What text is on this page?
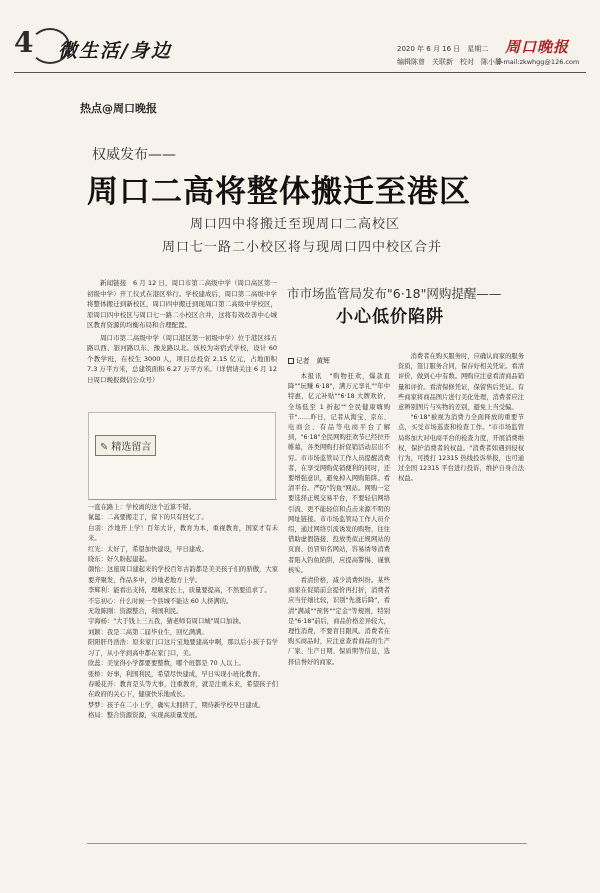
4	微生活/身边	2020 年 6 月 16 日　星期二
编辑陈曾　关联新　校对　陈小静
周口晚报
E-mail:zkwhgg@126.com
热点@周口晚报
权威发布——
周口二高将整体搬迁至港区
周口四中将搬迁至现周口二高校区
周口七一路二小校区将与现周口四中校区合并

新闻链接　6 月 12 日，周口市第二高级中学（周口高区第一初级中学）开工仪式在港区举行。学校建成后，周口第二高级中学将整体搬迁到新校区，周口四中搬迁到现周口第二高级中学校区，原周口四中校区与周口七一路二小校区合并，这将有效改善中心城区教育资源的均衡布局和合理配置。

周口市第二高级中学（周口港区第一初级中学）位于港区纬五路以西、银河路以东、豫龙路以北。该校为寄宿式学校，设计 60 个教学班，在校生 3000 人，项目总投资 2.15 亿元，占地面积 7.3 万平方米，总建筑面积 6.27 万平方米。（详情请关注 6 月 12 日周口晚报微信公众号）

✎ 精选留言

一直在路上：学校离的这个近算不错。

氤氲：二高要搬走了，留下的只有回忆了。

白羽：沙地开上学！百年大计，教育为本，重视教育，国家才有未来。

红光：太好了，希望加快建设，早日建成。

晓东：好久盼起建起。

颜怡：这座周口建起来的学校百年古韵都是美美孩子们的骄傲，大家要齐聚发，作品多中，沙地老地方上学。

李辉利：能看出支持，理顺家长上，质量要提高，不然要追求了。

不忘初心：什么时候一个县城不能达 60 人挤满的。

无敌陈刚：资源整合，利国利民。

宇海杨："大于钱上三五我，猜老师有周口城"周口加油。

刘颖：我是二高第二届毕业生，回忆满满。

阳阳肝丹浩浩：原来家门口这片宝地要建高中啊，那以后小孩子有学习了，从小学到高中都在家门口，美。

欣蕊：美觉得小学都要要整数，哪个班都是 70 人以上。

张桥：好事，利国利民，希望尽快建成，早日实现小班化教育。

春暖花开：教育是头等大事，注重教育，就是注重未来，希望孩子们在政府的关心下，健康快乐地成长。

梦梦：孩子在二小上学，确实太拥挤了，期待新学校早日建成。

格局：整合资源资源，实现高质量发展。

市市场监管局发布"6·18"网购提醒——
小心低价陷阱
记者　黄辉

本报讯　"购物狂欢，爆款直降""玩赚 6·18"，满万元享礼""年中特惠，亿元补贴""6·18 大牌欢价，全场低至 1 折起""全民健康嗨购节"……昨日，记者从淘宝、京东、电商会、有品等电商平台了解到，"6·18"全民网购狂欢节已经拉开帷幕，各类网购打折促销活动层出不穷。市市场监管局工作人员提醒消费者，在享受网购促销便利的同时，还要增强意识，避免掉入网购陷阱。看清平台。严防"钓鱼"网站。网购一定要选择正规交易平台，不要轻信网络引流、更不能轻信和点击来源不明的网址链接。市市场监管局工作人员介绍，通过网络引流诱发的购物，往往借助虚假链接、投放类似正规网站的页面、仿冒知名网站，容易诱导消费者陷入钓鱼陷阱，应提高警惕、谨慎核实。

看清价格，减少消费纠纷。某些商家在促销前会提价再打折，消费者应当仔细比较，识别"先涨后降"，看清"满减""预售""定金"等规则，特别是"6·18"前后，商品价格差异较大，理性消费，不要盲目跟风。消费者在购买商品时，应注意查看商品的生产厂家、生产日期、保质期等信息，选择信誉好的商家。

消费者在购买服务时，应确认商家的服务资质，签订服务合同，保存好相关凭证。看清评价，做到心中有数。网购应注意看清商品销量和评价。看清保修凭证，保留售后凭证。有些商家将商品图片进行美化处理，消费者应注意辨别图片与实物的差别，避免上当受骗。

"6·18"被视为消费力全面释放的重要节点，买受市场巡查和检查工作。"市市场监管局将加大对电商平台的检查力度，开展消费维权，保护消费者的权益。"消费者如遇到侵权行为，可拨打 12315 热线投诉举报，也可通过全国 12315 平台进行投诉，维护自身合法权益。
